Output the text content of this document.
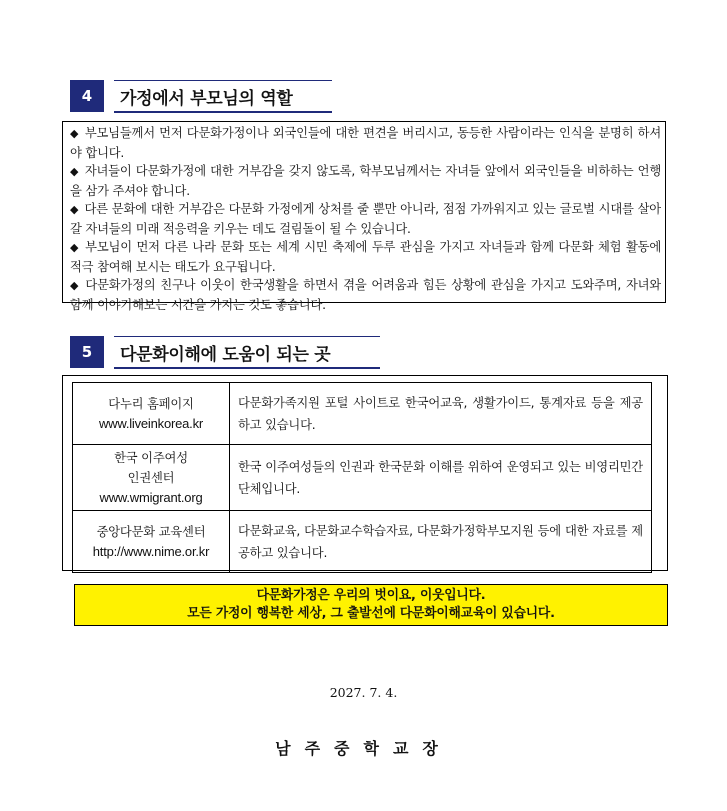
4	가정에서 부모님의 역할
◆ 부모님들께서 먼저 다문화가정이나 외국인들에 대한 편견을 버리시고, 동등한 사람이라는 인식을 분명히 하셔야 합니다.
◆ 자녀들이 다문화가정에 대한 거부감을 갖지 않도록, 학부모님께서는 자녀들 앞에서 외국인들을 비하하는 언행을 삼가 주셔야 합니다.
◆ 다른 문화에 대한 거부감은 다문화 가정에게 상처를 줄 뿐만 아니라, 점점 가까워지고 있는 글로벌 시대를 살아갈 자녀들의 미래 적응력을 키우는 데도 걸림돌이 될 수 있습니다.
◆ 부모님이 먼저 다른 나라 문화 또는 세계 시민 축제에 두루 관심을 가지고 자녀들과 함께 다문화 체험 활동에 적극 참여해 보시는 태도가 요구됩니다.
◆ 다문화가정의 친구나 이웃이 한국생활을 하면서 겪을 어려움과 힘든 상황에 관심을 가지고 도와주며, 자녀와 함께 이야기해보는 시간을 가지는 것도 좋습니다.
5	다문화이해에 도움이 되는 곳
다누리 홈페이지
www.liveinkorea.kr	다문화가족지원 포털 사이트로 한국어교육, 생활가이드, 통계자료 등을 제공하고 있습니다.

한국 이주여성
인권센터
www.wmigrant.org	한국 이주여성들의 인권과 한국문화 이해를 위하여 운영되고 있는 비영리민간단체입니다.

중앙다문화 교육센터
http://www.nime.or.kr	다문화교육, 다문화교수학습자료, 다문화가정학부모지원 등에 대한 자료를 제공하고 있습니다.
다문화가정은 우리의 벗이요, 이웃입니다.
모든 가정이 행복한 세상, 그 출발선에 다문화이해교육이 있습니다.
2027. 7. 4.
남주중학교장
